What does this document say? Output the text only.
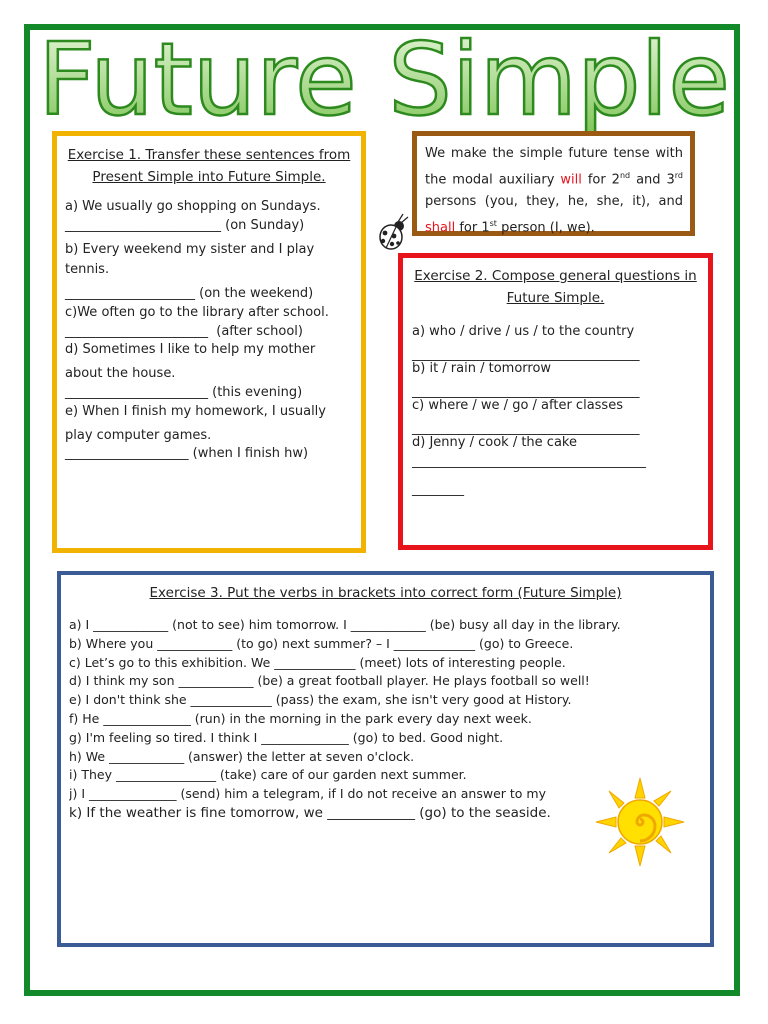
Future Simple
Exercise 1. Transfer these sentences from Present Simple into Future Simple.
a) We usually go shopping on Sundays.
________________________ (on Sunday)
b) Every weekend my sister and I play
tennis.
____________________ (on the weekend)
c)We often go to the library after school.
______________________  (after school)
d) Sometimes I like to help my mother
about the house.
______________________ (this evening)
e) When I finish my homework, I usually
play computer games.
___________________ (when I finish hw)
We make the simple future tense with the modal auxiliary will for 2nd and 3rd persons (you, they, he, she, it), and shall for 1st person (I, we).
Exercise 2. Compose general questions in Future Simple.
a) who / drive / us / to the country
___________________________________
b) it / rain / tomorrow
___________________________________
c) where / we / go / after classes
___________________________________
d) Jenny / cook / the cake
____________________________________
________
Exercise 3. Put the verbs in brackets into correct form (Future Simple)
a) I ____________ (not to see) him tomorrow. I ____________ (be) busy all day in the library.
b) Where you ____________ (to go) next summer? – I _____________ (go) to Greece.
c) Let’s go to this exhibition. We _____________ (meet) lots of interesting people.
d) I think my son ____________ (be) a great football player. He plays football so well!
e) I don't think she _____________ (pass) the exam, she isn't very good at History.
f) He ______________ (run) in the morning in the park every day next week.
g) I'm feeling so tired. I think I ______________ (go) to bed. Good night.
h) We ____________ (answer) the letter at seven o'clock.
i) They ________________ (take) care of our garden next summer.
j) I ______________ (send) him a telegram, if I do not receive an answer to my
k) If the weather is fine tomorrow, we _____________ (go) to the seaside.
